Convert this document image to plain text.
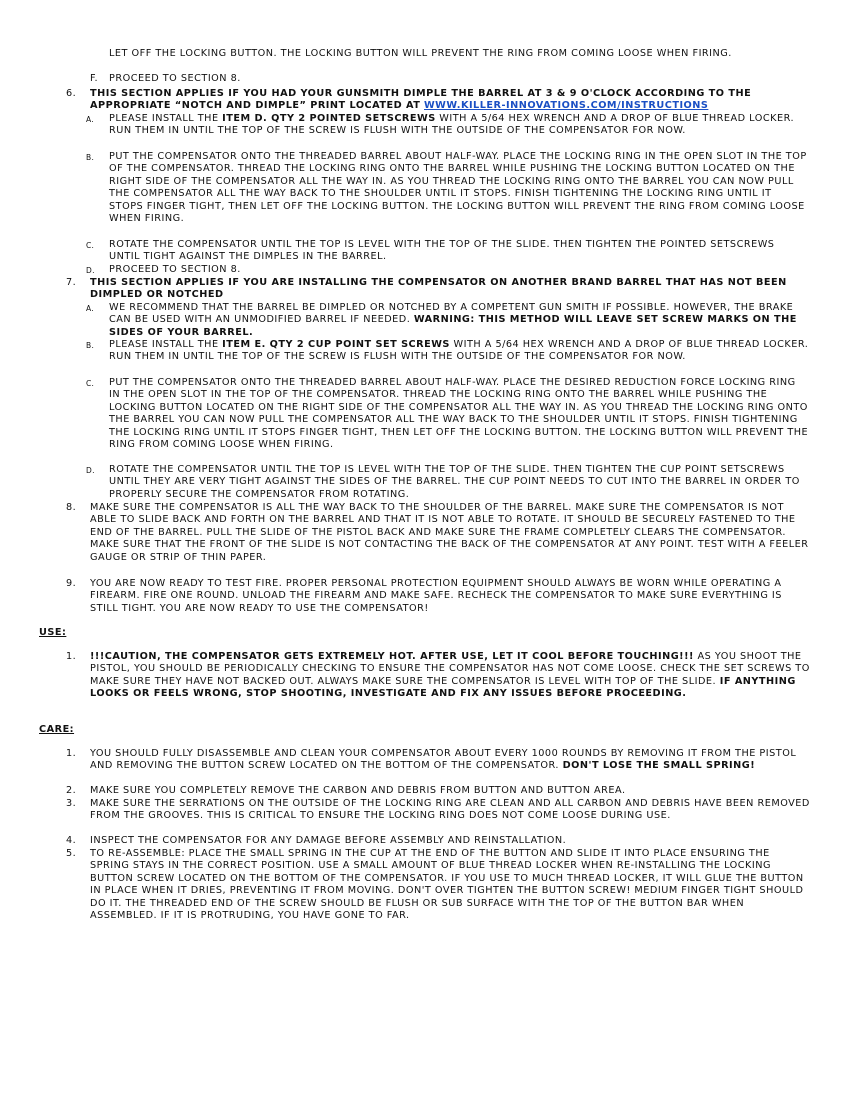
LET OFF THE LOCKING BUTTON. THE LOCKING BUTTON WILL PREVENT THE RING FROM COMING LOOSE WHEN FIRING.
F. PROCEED TO SECTION 8.
6. THIS SECTION APPLIES IF YOU HAD YOUR GUNSMITH DIMPLE THE BARREL AT 3 & 9 O'CLOCK ACCORDING TO THE APPROPRIATE “NOTCH AND DIMPLE” PRINT LOCATED AT WWW.KILLER-INNOVATIONS.COM/INSTRUCTIONS
A. PLEASE INSTALL THE ITEM D. QTY 2 POINTED SETSCREWS WITH A 5/64 HEX WRENCH AND A DROP OF BLUE THREAD LOCKER. RUN THEM IN UNTIL THE TOP OF THE SCREW IS FLUSH WITH THE OUTSIDE OF THE COMPENSATOR FOR NOW.
B. PUT THE COMPENSATOR ONTO THE THREADED BARREL ABOUT HALF-WAY. PLACE THE LOCKING RING IN THE OPEN SLOT IN THE TOP OF THE COMPENSATOR. THREAD THE LOCKING RING ONTO THE BARREL WHILE PUSHING THE LOCKING BUTTON LOCATED ON THE RIGHT SIDE OF THE COMPENSATOR ALL THE WAY IN. AS YOU THREAD THE LOCKING RING ONTO THE BARREL YOU CAN NOW PULL THE COMPENSATOR ALL THE WAY BACK TO THE SHOULDER UNTIL IT STOPS. FINISH TIGHTENING THE LOCKING RING UNTIL IT STOPS FINGER TIGHT, THEN LET OFF THE LOCKING BUTTON. THE LOCKING BUTTON WILL PREVENT THE RING FROM COMING LOOSE WHEN FIRING.
C. ROTATE THE COMPENSATOR UNTIL THE TOP IS LEVEL WITH THE TOP OF THE SLIDE. THEN TIGHTEN THE POINTED SETSCREWS UNTIL TIGHT AGAINST THE DIMPLES IN THE BARREL.
D. PROCEED TO SECTION 8.
7. THIS SECTION APPLIES IF YOU ARE INSTALLING THE COMPENSATOR ON ANOTHER BRAND BARREL THAT HAS NOT BEEN DIMPLED OR NOTCHED
A. WE RECOMMEND THAT THE BARREL BE DIMPLED OR NOTCHED BY A COMPETENT GUN SMITH IF POSSIBLE. HOWEVER, THE BRAKE CAN BE USED WITH AN UNMODIFIED BARREL IF NEEDED. WARNING: THIS METHOD WILL LEAVE SET SCREW MARKS ON THE SIDES OF YOUR BARREL.
B. PLEASE INSTALL THE ITEM E. QTY 2 CUP POINT SET SCREWS WITH A 5/64 HEX WRENCH AND A DROP OF BLUE THREAD LOCKER. RUN THEM IN UNTIL THE TOP OF THE SCREW IS FLUSH WITH THE OUTSIDE OF THE COMPENSATOR FOR NOW.
C. PUT THE COMPENSATOR ONTO THE THREADED BARREL ABOUT HALF-WAY. PLACE THE DESIRED REDUCTION FORCE LOCKING RING IN THE OPEN SLOT IN THE TOP OF THE COMPENSATOR. THREAD THE LOCKING RING ONTO THE BARREL WHILE PUSHING THE LOCKING BUTTON LOCATED ON THE RIGHT SIDE OF THE COMPENSATOR ALL THE WAY IN. AS YOU THREAD THE LOCKING RING ONTO THE BARREL YOU CAN NOW PULL THE COMPENSATOR ALL THE WAY BACK TO THE SHOULDER UNTIL IT STOPS. FINISH TIGHTENING THE LOCKING RING UNTIL IT STOPS FINGER TIGHT, THEN LET OFF THE LOCKING BUTTON. THE LOCKING BUTTON WILL PREVENT THE RING FROM COMING LOOSE WHEN FIRING.
D. ROTATE THE COMPENSATOR UNTIL THE TOP IS LEVEL WITH THE TOP OF THE SLIDE. THEN TIGHTEN THE CUP POINT SETSCREWS UNTIL THEY ARE VERY TIGHT AGAINST THE SIDES OF THE BARREL. THE CUP POINT NEEDS TO CUT INTO THE BARREL IN ORDER TO PROPERLY SECURE THE COMPENSATOR FROM ROTATING.
8. MAKE SURE THE COMPENSATOR IS ALL THE WAY BACK TO THE SHOULDER OF THE BARREL. MAKE SURE THE COMPENSATOR IS NOT ABLE TO SLIDE BACK AND FORTH ON THE BARREL AND THAT IT IS NOT ABLE TO ROTATE. IT SHOULD BE SECURELY FASTENED TO THE END OF THE BARREL. PULL THE SLIDE OF THE PISTOL BACK AND MAKE SURE THE FRAME COMPLETELY CLEARS THE COMPENSATOR. MAKE SURE THAT THE FRONT OF THE SLIDE IS NOT CONTACTING THE BACK OF THE COMPENSATOR AT ANY POINT. TEST WITH A FEELER GAUGE OR STRIP OF THIN PAPER.
9. YOU ARE NOW READY TO TEST FIRE. PROPER PERSONAL PROTECTION EQUIPMENT SHOULD ALWAYS BE WORN WHILE OPERATING A FIREARM. FIRE ONE ROUND. UNLOAD THE FIREARM AND MAKE SAFE. RECHECK THE COMPENSATOR TO MAKE SURE EVERYTHING IS STILL TIGHT. YOU ARE NOW READY TO USE THE COMPENSATOR!
USE:
1. !!!CAUTION, THE COMPENSATOR GETS EXTREMELY HOT. AFTER USE, LET IT COOL BEFORE TOUCHING!!! AS YOU SHOOT THE PISTOL, YOU SHOULD BE PERIODICALLY CHECKING TO ENSURE THE COMPENSATOR HAS NOT COME LOOSE. CHECK THE SET SCREWS TO MAKE SURE THEY HAVE NOT BACKED OUT. ALWAYS MAKE SURE THE COMPENSATOR IS LEVEL WITH TOP OF THE SLIDE. IF ANYTHING LOOKS OR FEELS WRONG, STOP SHOOTING, INVESTIGATE AND FIX ANY ISSUES BEFORE PROCEEDING.
CARE:
1. YOU SHOULD FULLY DISASSEMBLE AND CLEAN YOUR COMPENSATOR ABOUT EVERY 1000 ROUNDS BY REMOVING IT FROM THE PISTOL AND REMOVING THE BUTTON SCREW LOCATED ON THE BOTTOM OF THE COMPENSATOR. DON'T LOSE THE SMALL SPRING!
2. MAKE SURE YOU COMPLETELY REMOVE THE CARBON AND DEBRIS FROM BUTTON AND BUTTON AREA.
3. MAKE SURE THE SERRATIONS ON THE OUTSIDE OF THE LOCKING RING ARE CLEAN AND ALL CARBON AND DEBRIS HAVE BEEN REMOVED FROM THE GROOVES. THIS IS CRITICAL TO ENSURE THE LOCKING RING DOES NOT COME LOOSE DURING USE.
4. INSPECT THE COMPENSATOR FOR ANY DAMAGE BEFORE ASSEMBLY AND REINSTALLATION.
5. TO RE-ASSEMBLE: PLACE THE SMALL SPRING IN THE CUP AT THE END OF THE BUTTON AND SLIDE IT INTO PLACE ENSURING THE SPRING STAYS IN THE CORRECT POSITION. USE A SMALL AMOUNT OF BLUE THREAD LOCKER WHEN RE-INSTALLING THE LOCKING BUTTON SCREW LOCATED ON THE BOTTOM OF THE COMPENSATOR. IF YOU USE TO MUCH THREAD LOCKER, IT WILL GLUE THE BUTTON IN PLACE WHEN IT DRIES, PREVENTING IT FROM MOVING. DON'T OVER TIGHTEN THE BUTTON SCREW! MEDIUM FINGER TIGHT SHOULD DO IT. THE THREADED END OF THE SCREW SHOULD BE FLUSH OR SUB SURFACE WITH THE TOP OF THE BUTTON BAR WHEN ASSEMBLED. IF IT IS PROTRUDING, YOU HAVE GONE TO FAR.
